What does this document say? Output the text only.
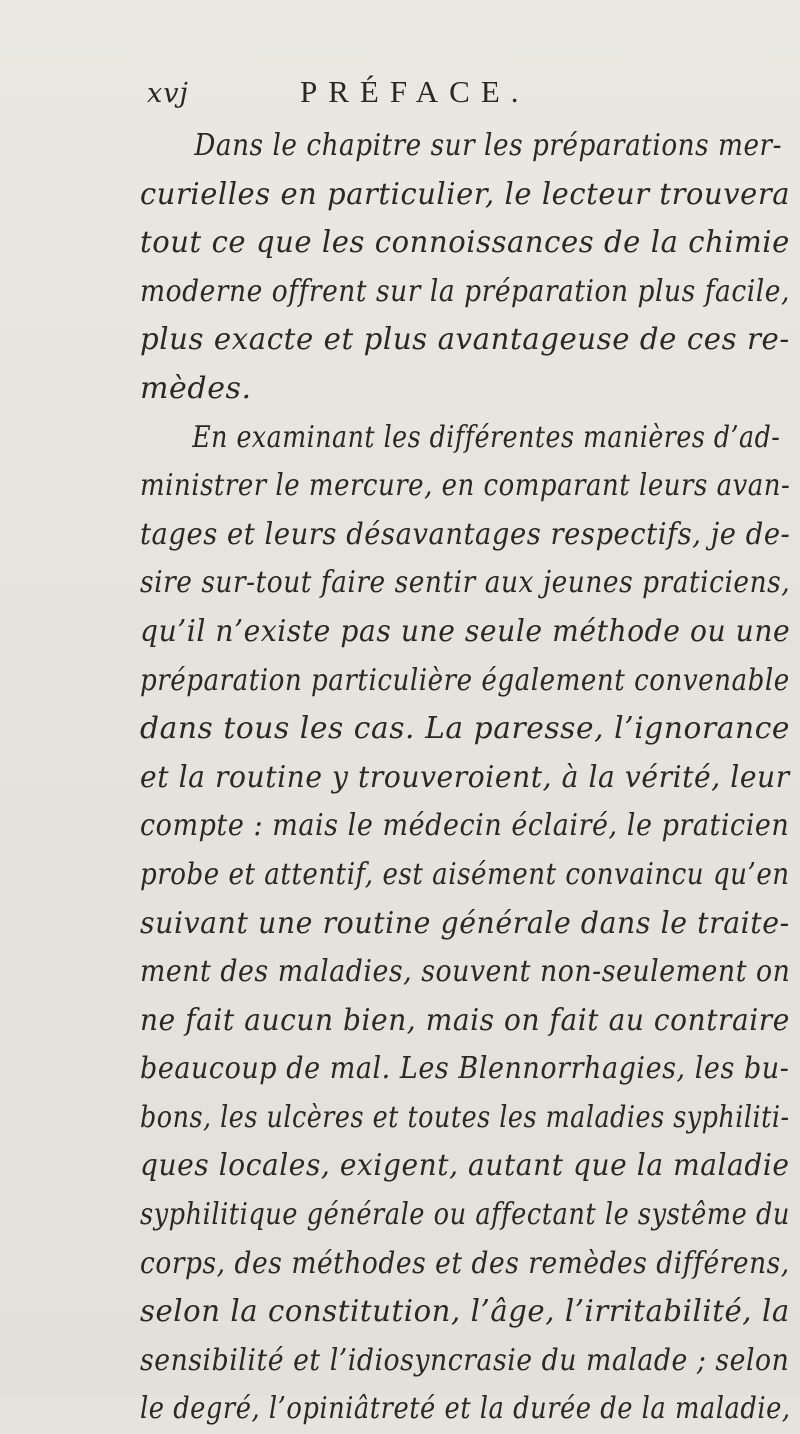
xvj	PRÉFACE.
Dans le chapitre sur les préparations mer-
curielles en particulier, le lecteur trouvera
tout ce que les connoissances de la chimie
moderne offrent sur la préparation plus facile,
plus exacte et plus avantageuse de ces re-
mèdes.
En examinant les différentes manières d’ad-
ministrer le mercure, en comparant leurs avan-
tages et leurs désavantages respectifs, je de-
sire sur-tout faire sentir aux jeunes praticiens,
qu’il n’existe pas une seule méthode ou une
préparation particulière également convenable
dans tous les cas. La paresse, l’ignorance
et la routine y trouveroient, à la vérité, leur
compte : mais le médecin éclairé, le praticien
probe et attentif, est aisément convaincu qu’en
suivant une routine générale dans le traite-
ment des maladies, souvent non-seulement on
ne fait aucun bien, mais on fait au contraire
beaucoup de mal. Les Blennorrhagies, les bu-
bons, les ulcères et toutes les maladies syphiliti-
ques locales, exigent, autant que la maladie
syphilitique générale ou affectant le systême du
corps, des méthodes et des remèdes différens,
selon la constitution, l’âge, l’irritabilité, la
sensibilité et l’idiosyncrasie du malade ; selon
le degré, l’opiniâtreté et la durée de la maladie,
